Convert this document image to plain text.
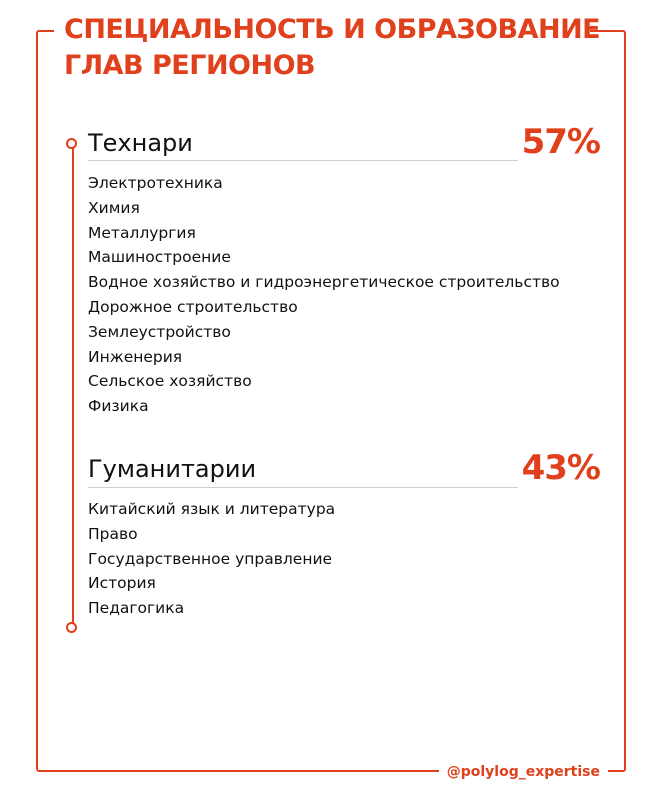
СПЕЦИАЛЬНОСТЬ И ОБРАЗОВАНИЕ
ГЛАВ РЕГИОНОВ
Технари	57%
Электротехника
Химия
Металлургия
Машиностроение
Водное хозяйство и гидроэнергетическое строительство
Дорожное строительство
Землеустройство
Инженерия
Сельское хозяйство
Физика
Гуманитарии	43%
Китайский язык и литература
Право
Государственное управление
История
Педагогика
@polylog_expertise
